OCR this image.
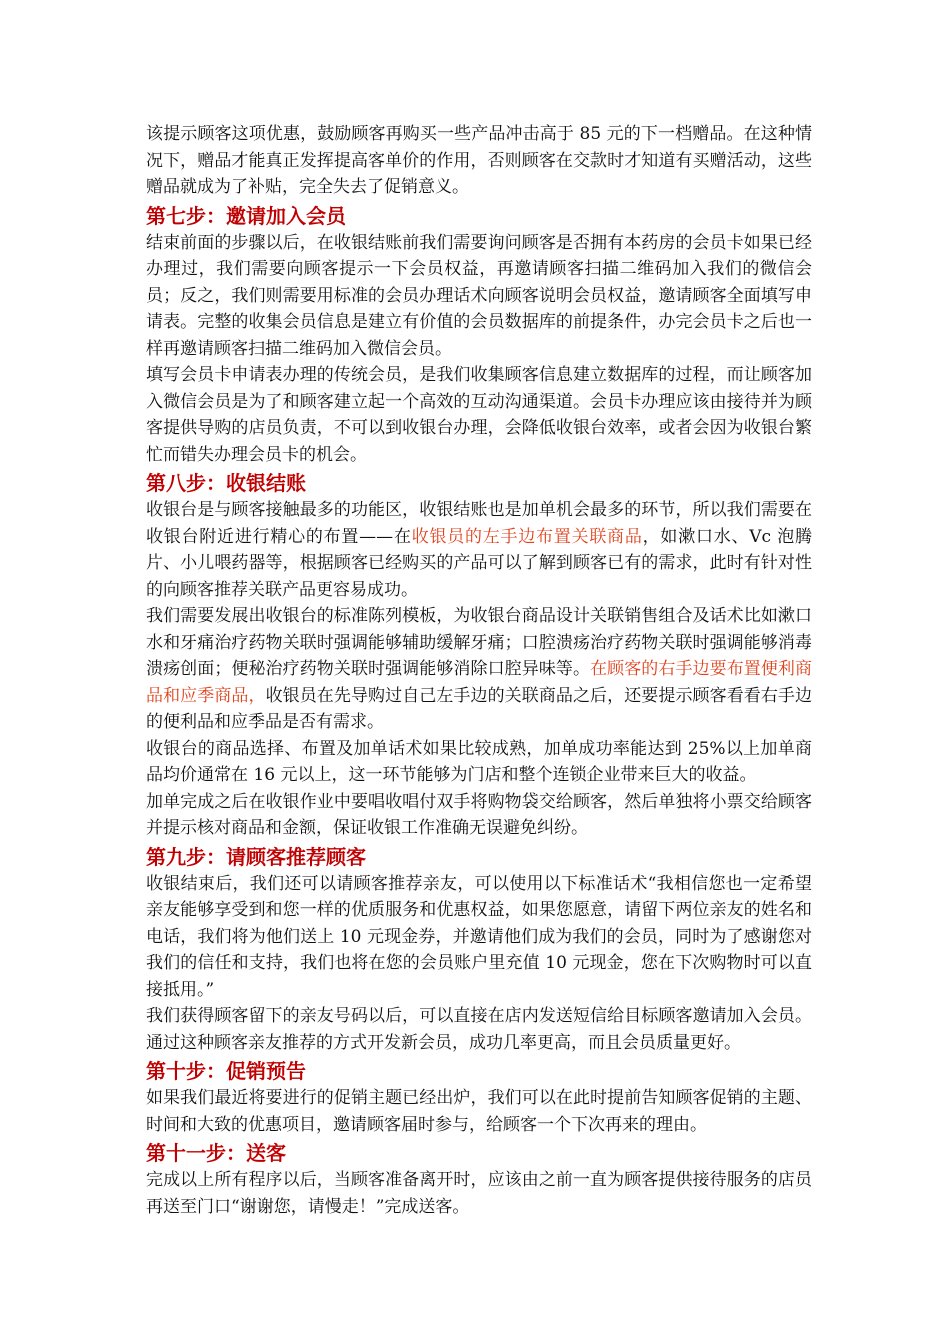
该提示顾客这项优惠，鼓励顾客再购买一些产品冲击高于 85 元的下一档赠品。在这种情况下，赠品才能真正发挥提高客单价的作用，否则顾客在交款时才知道有买赠活动，这些赠品就成为了补贴，完全失去了促销意义。

第七步：邀请加入会员

结束前面的步骤以后，在收银结账前我们需要询问顾客是否拥有本药房的会员卡如果已经办理过，我们需要向顾客提示一下会员权益，再邀请顾客扫描二维码加入我们的微信会员；反之，我们则需要用标准的会员办理话术向顾客说明会员权益，邀请顾客全面填写申请表。完整的收集会员信息是建立有价值的会员数据库的前提条件，办完会员卡之后也一样再邀请顾客扫描二维码加入微信会员。

填写会员卡申请表办理的传统会员，是我们收集顾客信息建立数据库的过程，而让顾客加入微信会员是为了和顾客建立起一个高效的互动沟通渠道。会员卡办理应该由接待并为顾客提供导购的店员负责，不可以到收银台办理，会降低收银台效率，或者会因为收银台繁忙而错失办理会员卡的机会。

第八步：收银结账

收银台是与顾客接触最多的功能区，收银结账也是加单机会最多的环节，所以我们需要在收银台附近进行精心的布置——在收银员的左手边布置关联商品，如漱口水、Vc 泡腾片、小儿喂药器等，根据顾客已经购买的产品可以了解到顾客已有的需求，此时有针对性的向顾客推荐关联产品更容易成功。

我们需要发展出收银台的标准陈列模板，为收银台商品设计关联销售组合及话术比如漱口水和牙痛治疗药物关联时强调能够辅助缓解牙痛；口腔溃疡治疗药物关联时强调能够消毒溃疡创面；便秘治疗药物关联时强调能够消除口腔异味等。在顾客的右手边要布置便利商品和应季商品，收银员在先导购过自己左手边的关联商品之后，还要提示顾客看看右手边的便利品和应季品是否有需求。

收银台的商品选择、布置及加单话术如果比较成熟，加单成功率能达到 25%以上加单商品均价通常在 16 元以上，这一环节能够为门店和整个连锁企业带来巨大的收益。

加单完成之后在收银作业中要唱收唱付双手将购物袋交给顾客，然后单独将小票交给顾客并提示核对商品和金额，保证收银工作准确无误避免纠纷。

第九步：请顾客推荐顾客

收银结束后，我们还可以请顾客推荐亲友，可以使用以下标准话术“我相信您也一定希望亲友能够享受到和您一样的优质服务和优惠权益，如果您愿意，请留下两位亲友的姓名和电话，我们将为他们送上 10 元现金券，并邀请他们成为我们的会员，同时为了感谢您对我们的信任和支持，我们也将在您的会员账户里充值 10 元现金，您在下次购物时可以直接抵用。”

我们获得顾客留下的亲友号码以后，可以直接在店内发送短信给目标顾客邀请加入会员。通过这种顾客亲友推荐的方式开发新会员，成功几率更高，而且会员质量更好。

第十步：促销预告

如果我们最近将要进行的促销主题已经出炉，我们可以在此时提前告知顾客促销的主题、时间和大致的优惠项目，邀请顾客届时参与，给顾客一个下次再来的理由。

第十一步：送客

完成以上所有程序以后，当顾客准备离开时，应该由之前一直为顾客提供接待服务的店员再送至门口“谢谢您，请慢走！”完成送客。
